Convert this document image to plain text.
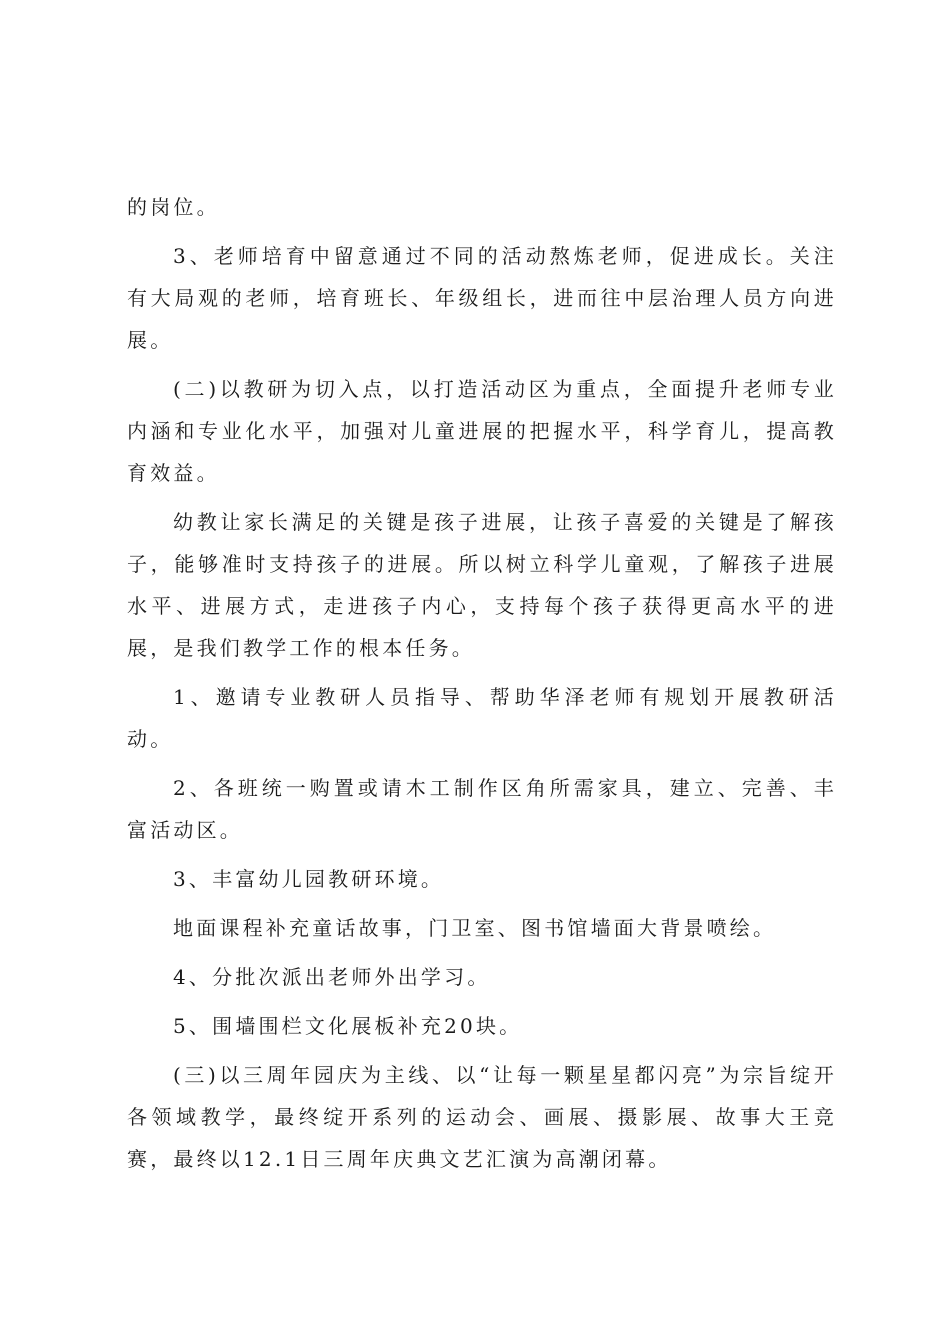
的岗位。

3、老师培育中留意通过不同的活动熬炼老师，促进成长。关注有大局观的老师，培育班长、年级组长，进而往中层治理人员方向进展。

(二)以教研为切入点，以打造活动区为重点，全面提升老师专业内涵和专业化水平，加强对儿童进展的把握水平，科学育儿，提高教育效益。

幼教让家长满足的关键是孩子进展，让孩子喜爱的关键是了解孩子，能够准时支持孩子的进展。所以树立科学儿童观，了解孩子进展水平、进展方式，走进孩子内心，支持每个孩子获得更高水平的进展，是我们教学工作的根本任务。

1、邀请专业教研人员指导、帮助华泽老师有规划开展教研活动。

2、各班统一购置或请木工制作区角所需家具，建立、完善、丰富活动区。

3、丰富幼儿园教研环境。

地面课程补充童话故事，门卫室、图书馆墙面大背景喷绘。

4、分批次派出老师外出学习。

5、围墙围栏文化展板补充20块。

(三)以三周年园庆为主线、以“让每一颗星星都闪亮”为宗旨绽开各领域教学，最终绽开系列的运动会、画展、摄影展、故事大王竞赛，最终以12.1日三周年庆典文艺汇演为高潮闭幕。
